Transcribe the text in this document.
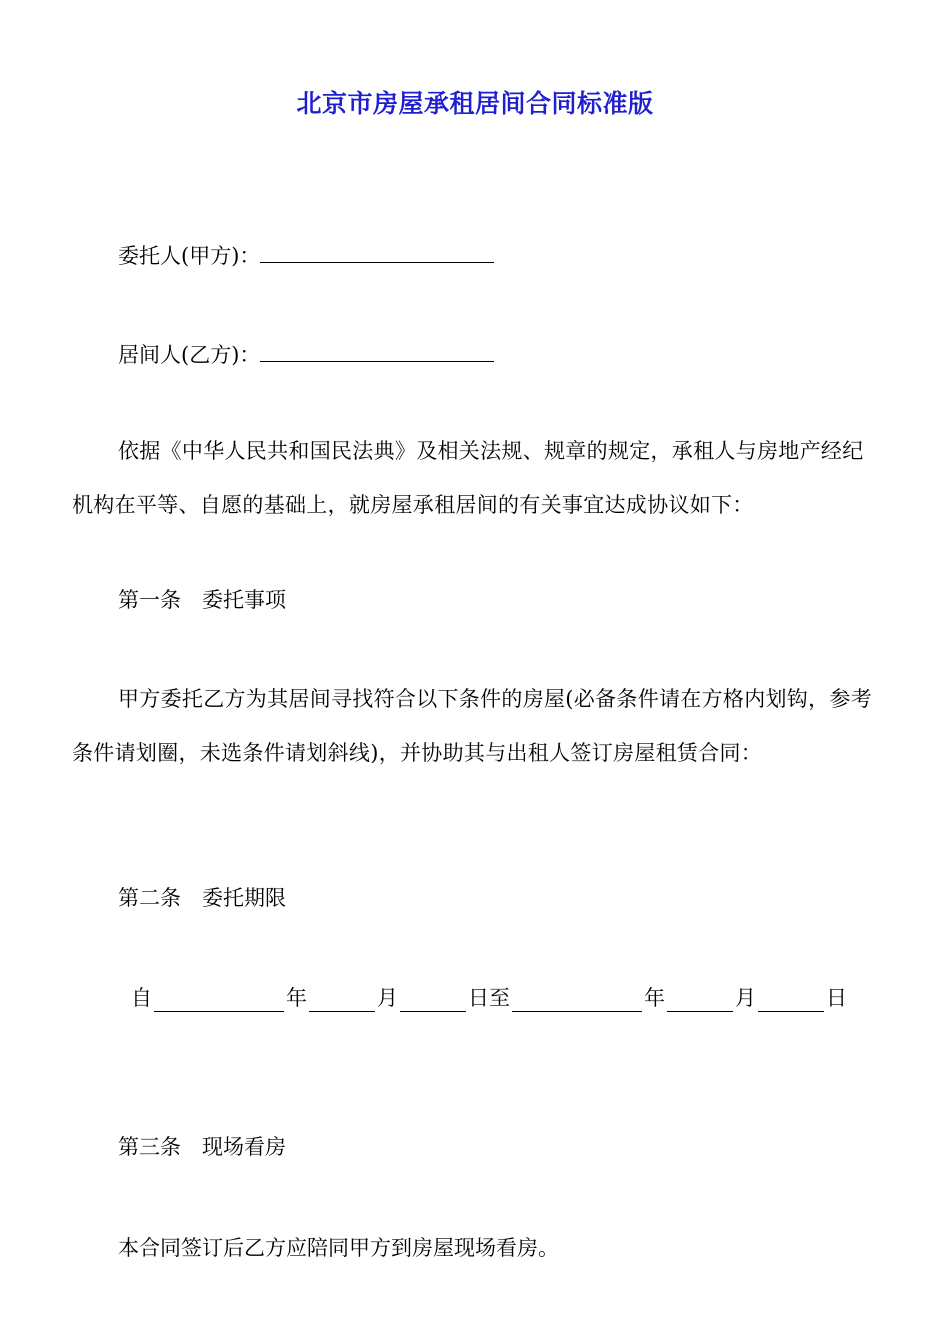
北京市房屋承租居间合同标准版
委托人(甲方)：
居间人(乙方)：
依据《中华人民共和国民法典》及相关法规、规章的规定，承租人与房地产经纪机构在平等、自愿的基础上，就房屋承租居间的有关事宜达成协议如下：
第一条　委托事项
甲方委托乙方为其居间寻找符合以下条件的房屋(必备条件请在方格内划钩，参考条件请划圈，未选条件请划斜线)，并协助其与出租人签订房屋租赁合同：
第二条　委托期限
自	年	月	日至	年	月	日
第三条　现场看房
本合同签订后乙方应陪同甲方到房屋现场看房。
